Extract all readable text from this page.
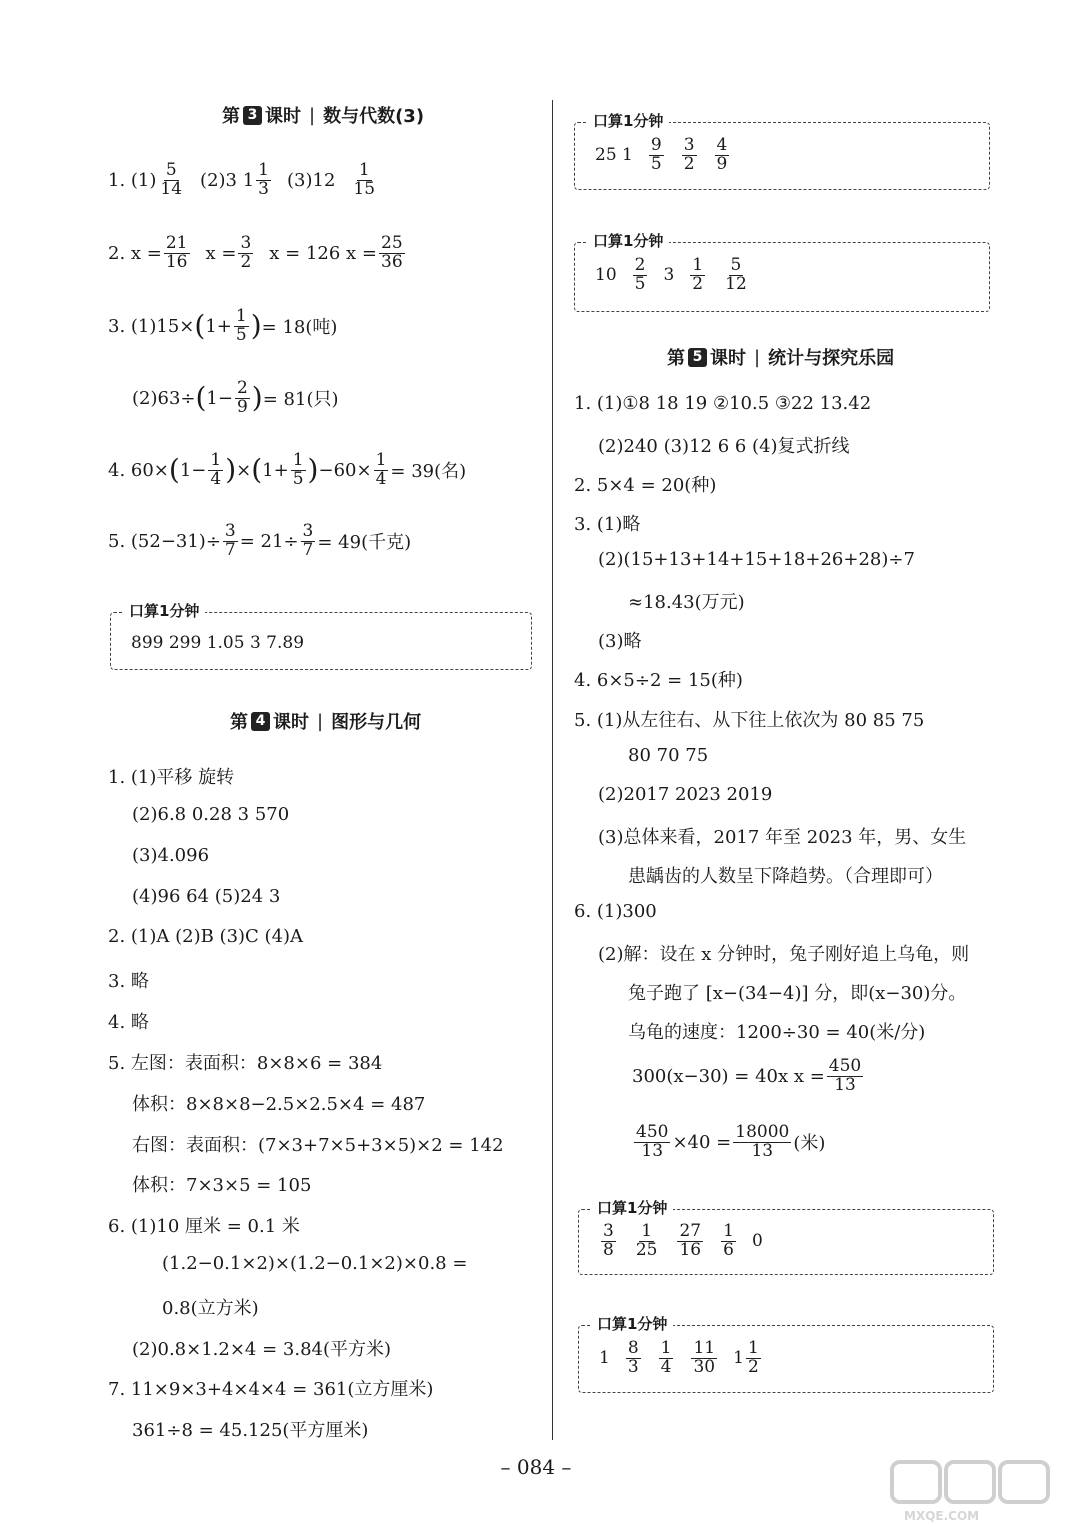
第 3 课时 | 数与代数(3)
1. $(1) \frac{5}{14} (2)3$ $1 \frac{1}{3} (3)12 \frac{1}{15}$
2. $x = \frac{21}{16}$ $x = \frac{3}{2}$ x = 126 $x = \frac{25}{36}$
3. (1)15× ( $1+ \frac{1}{5}$ ) = 18(吨)
(2)63÷ ( $1- \frac{2}{9}$ ) = 81(只)
4. 60× ( $1- \frac{1}{4}$ ) × ( $1+ \frac{1}{5}$ ) $-60\times \frac{1}{4} = 39$(名)
5. $(52-31)\div \frac{3}{7} = 21\div \frac{3}{7} = 49$(千克)
口算1分钟
899 299 1.05 3 7.89
第 4 课时 | 图形与几何
1. (1)平移 旋转
(2)6.8 0.28 3 570
(3)4.096
(4)96 64 (5)24 3
2. (1)A (2)B (3)C (4)A
3. 略
4. 略
5. 左图：表面积：8×8×6 = 384
体积：8×8×8−2.5×2.5×4 = 487
右图：表面积：(7×3+7×5+3×5)×2 = 142
体积：7×3×5 = 105
6. (1)10 厘米 = 0.1 米
(1.2−0.1×2)×(1.2−0.1×2)×0.8 =
0.8(立方米)
(2)0.8×1.2×4 = 3.84(平方米)
7. 11×9×3+4×4×4 = 361(立方厘米)
361÷8 = 45.125(平方厘米)
口算1分钟
25 $1 \frac{9}{5} \frac{3}{2} \frac{4}{9}$
口算1分钟
$10 \frac{2}{5} 3 \frac{1}{2} \frac{5}{12}$
第 5 课时 | 统计与探究乐园
1. (1)①8 18 19 ②10.5 ③22 13.42
(2)240 (3)12 6 6 (4)复式折线
2. 5×4 = 20(种)
3. (1)略
(2)(15+13+14+15+18+26+28)÷7
≈18.43(万元)
(3)略
4. 6×5÷2 = 15(种)
5. (1)从左往右、从下往上依次为 80 85 75
80 70 75
(2)2017 2023 2019
(3)总体来看，2017 年至 2023 年，男、女生
患龋齿的人数呈下降趋势。（合理即可）
6. (1)300
(2)解：设在 x 分钟时，兔子刚好追上乌龟，则
兔子跑了 [x−(34−4)] 分，即(x−30)分。
乌龟的速度：1200÷30 = 40(米/分)
300(x−30) = 40x $x = \frac{450}{13}$
$\frac{450}{13} \times 40 = \frac{18000}{13}$ (米)
口算1分钟
$\frac{3}{8} \frac{1}{25} \frac{27}{16} \frac{1}{6} 0$
口算1分钟
$1 \frac{8}{3} \frac{1}{4} \frac{11}{30} 1 \frac{1}{2}$
– 084 –
MXQE.COM
